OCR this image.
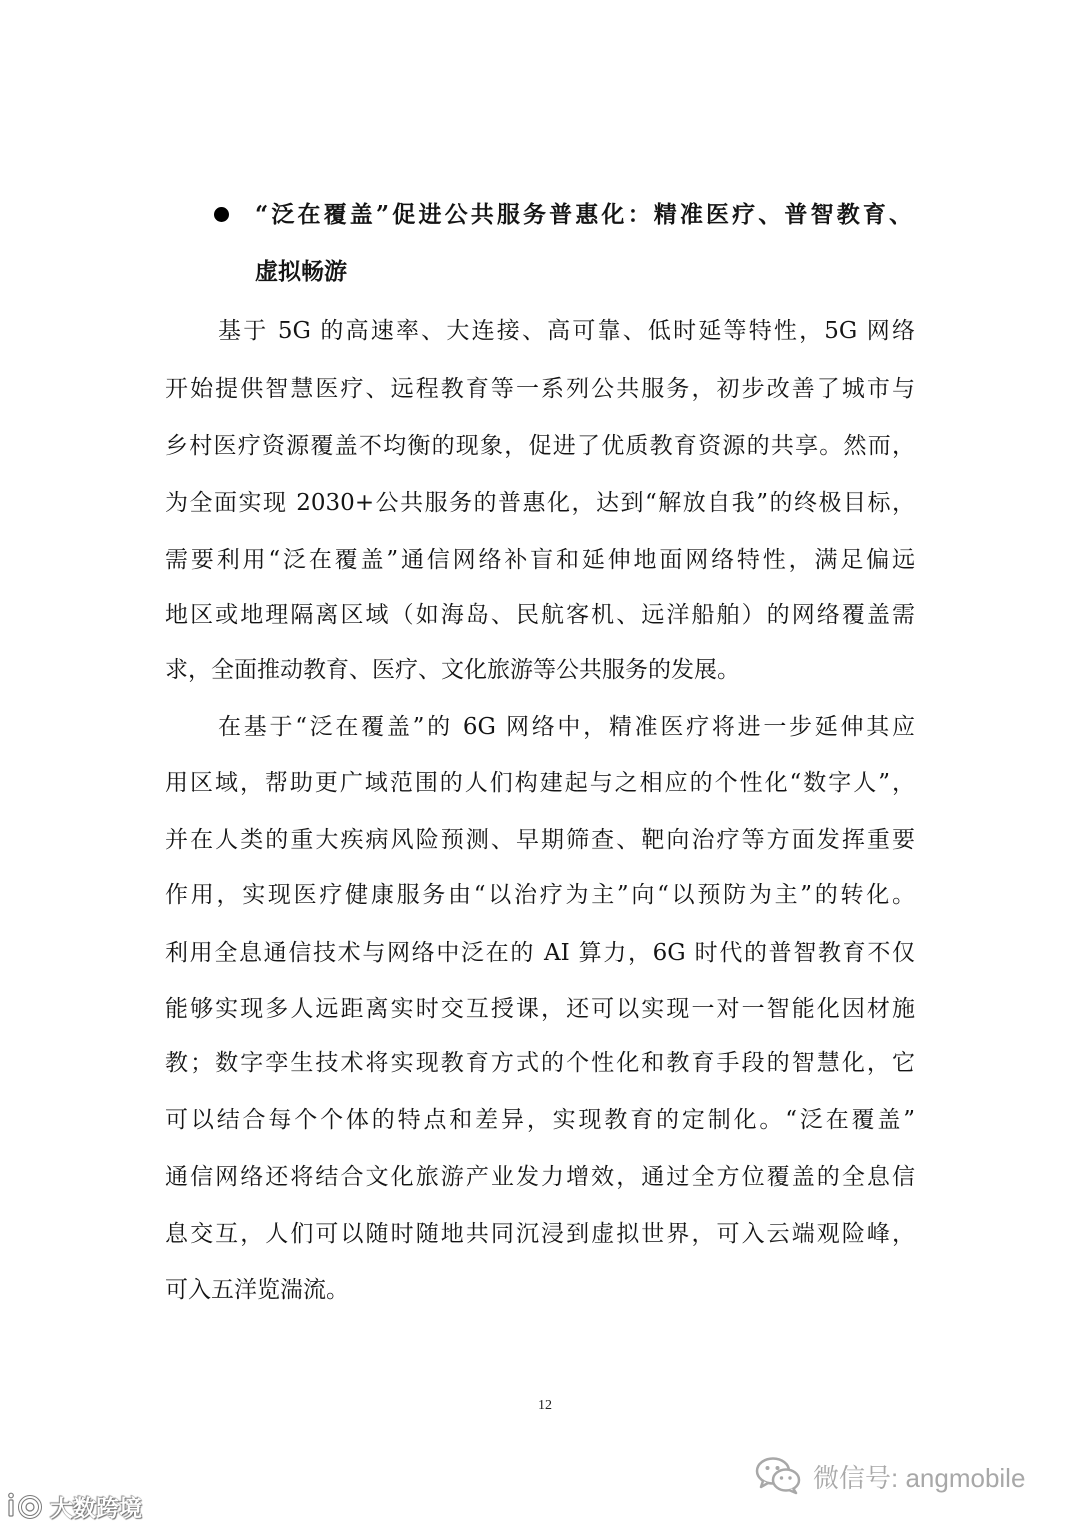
“泛在覆盖”促进公共服务普惠化：精准医疗、普智教育、
虚拟畅游
基于 5G 的高速率、大连接、高可靠、低时延等特性，5G 网络
开始提供智慧医疗、远程教育等一系列公共服务，初步改善了城市与
乡村医疗资源覆盖不均衡的现象，促进了优质教育资源的共享。然而，
为全面实现 2030+公共服务的普惠化，达到“解放自我”的终极目标，
需要利用“泛在覆盖”通信网络补盲和延伸地面网络特性，满足偏远
地区或地理隔离区域（如海岛、民航客机、远洋船舶）的网络覆盖需
求，全面推动教育、医疗、文化旅游等公共服务的发展。
在基于“泛在覆盖”的 6G 网络中，精准医疗将进一步延伸其应
用区域，帮助更广域范围的人们构建起与之相应的个性化“数字人”，
并在人类的重大疾病风险预测、早期筛查、靶向治疗等方面发挥重要
作用，实现医疗健康服务由“以治疗为主”向“以预防为主”的转化。
利用全息通信技术与网络中泛在的 AI 算力，6G 时代的普智教育不仅
能够实现多人远距离实时交互授课，还可以实现一对一智能化因材施
教；数字孪生技术将实现教育方式的个性化和教育手段的智慧化，它
可以结合每个个体的特点和差异，实现教育的定制化。“泛在覆盖”
通信网络还将结合文化旅游产业发力增效，通过全方位覆盖的全息信
息交互，人们可以随时随地共同沉浸到虚拟世界，可入云端观险峰，
可入五洋览湍流。
12
微信号: angmobile
大数跨境
